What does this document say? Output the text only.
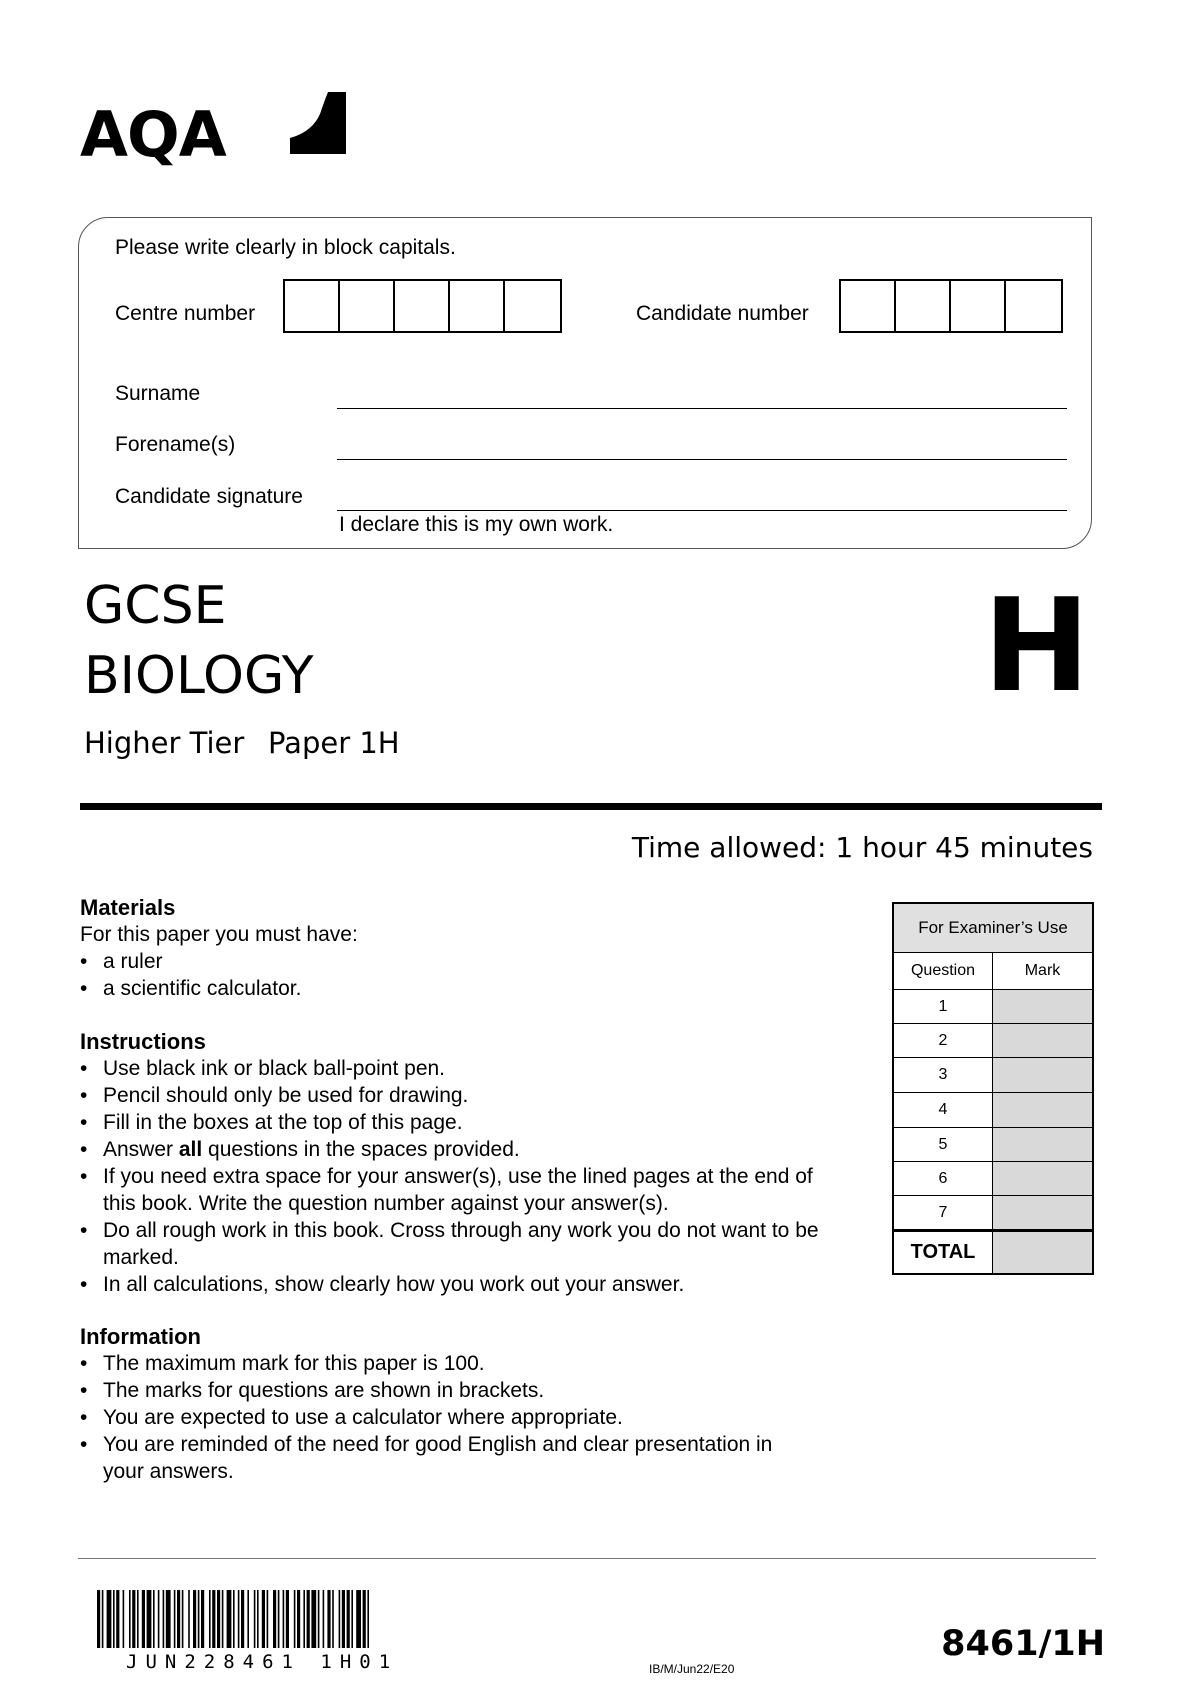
AQA
Please write clearly in block capitals.
Centre number	Candidate number
Surname
Forename(s)
Candidate signature
I declare this is my own work.
GCSE
BIOLOGY
Higher Tier Paper 1H
H
Time allowed: 1 hour 45 minutes
Materials

For this paper you must have:

• a ruler
• a scientific calculator.
Instructions
• Use black ink or black ball-point pen.
• Pencil should only be used for drawing.
• Fill in the boxes at the top of this page.
• Answer all questions in the spaces provided.
• If you need extra space for your answer(s), use the lined pages at the end of this book. Write the question number against your answer(s).
• Do all rough work in this book. Cross through any work you do not want to be marked.
• In all calculations, show clearly how you work out your answer.
Information
• The maximum mark for this paper is 100.
• The marks for questions are shown in brackets.
• You are expected to use a calculator where appropriate.
• You are reminded of the need for good English and clear presentation in your answers.
For Examiner’s Use
Question	Mark
1
2
3
4
5
6
7
TOTAL
JUN228461 1H01	IB/M/Jun22/E20
8461/1H
